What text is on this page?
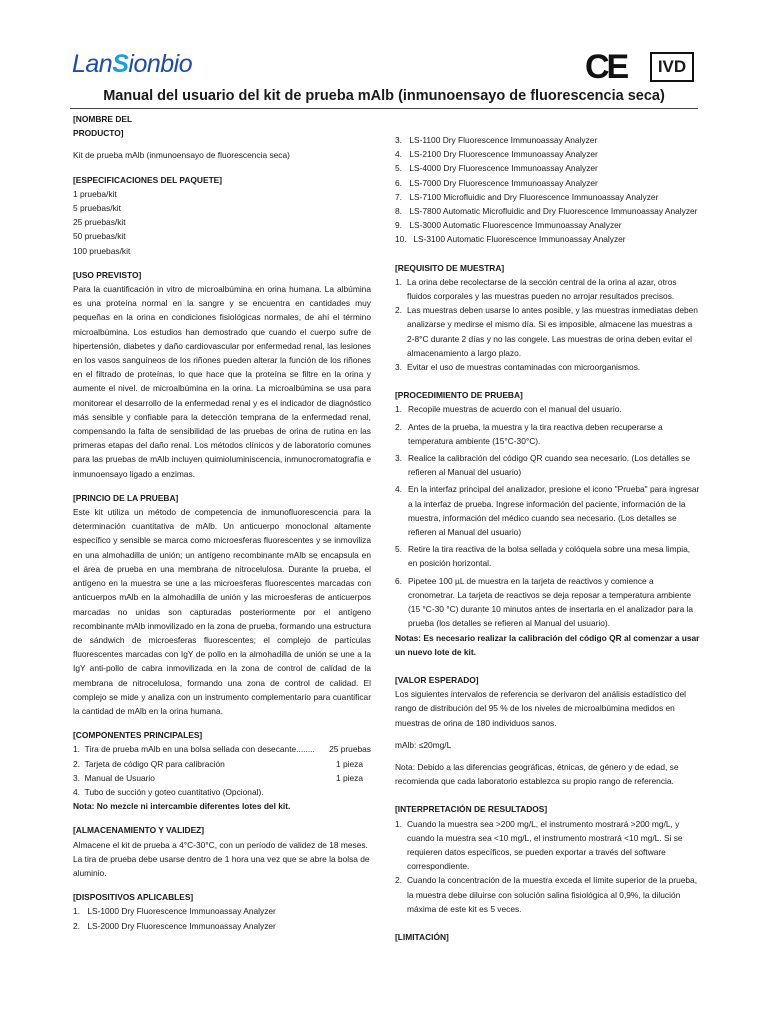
LanSionbio	CE	IVD
Manual del usuario del kit de prueba mAlb (inmunoensayo de fluorescencia seca)
[NOMBRE DEL PRODUCTO]
Kit de prueba mAlb (inmunoensayo de fluorescencia seca)
[ESPECIFICACIONES DEL PAQUETE]
1 prueba/kit
5 pruebas/kit
25 pruebas/kit
50 pruebas/kit
100 pruebas/kit
[USO PREVISTO]
Para la cuantificación in vitro de microalbúmina en orina humana. La albúmina es una proteína normal en la sangre y se encuentra en cantidades muy pequeñas en la orina en condiciones fisiológicas normales, de ahí el término microalbúmina. Los estudios han demostrado que cuando el cuerpo sufre de hipertensión, diabetes y daño cardiovascular por enfermedad renal, las lesiones en los vasos sanguíneos de los riñones pueden alterar la función de los riñones en el filtrado de proteínas, lo que hace que la proteína se filtre en la orina y aumente el nivel. de microalbúmina en la orina. La microalbúmina se usa para monitorear el desarrollo de la enfermedad renal y es el indicador de diagnóstico más sensible y confiable para la detección temprana de la enfermedad renal, compensando la falta de sensibilidad de las pruebas de orina de rutina en las primeras etapas del daño renal. Los métodos clínicos y de laboratorio comunes para las pruebas de mAlb incluyen quimioluminiscencia, inmunocromatografía e inmunoensayo ligado a enzimas.
[PRINCIO DE LA PRUEBA]
Este kit utiliza un método de competencia de inmunofluorescencia para la determinación cuantitativa de mAlb. Un anticuerpo monoclonal altamente específico y sensible se marca como microesferas fluorescentes y se inmoviliza en una almohadilla de unión; un antígeno recombinante mAlb se encapsula en el área de prueba en una membrana de nitrocelulosa. Durante la prueba, el antígeno en la muestra se une a las microesferas fluorescentes marcadas con anticuerpos mAlb en la almohadilla de unión y las microesferas de anticuerpos marcadas no unidas son capturadas posteriormente por el antígeno recombinante mAlb inmovilizado en la zona de prueba, formando una estructura de sándwich de microesferas fluorescentes; el complejo de partículas fluorescentes marcadas con IgY de pollo en la almohadilla de unión se une a la IgY anti-pollo de cabra inmovilizada en la zona de control de calidad de la membrana de nitrocelulosa, formando una zona de control de calidad. El complejo se mide y analiza con un instrumento complementario para cuantificar la cantidad de mAlb en la orina humana.
[COMPONENTES PRINCIPALES]
1. Tira de prueba mAlb en una bolsa sellada con desecante........ 25 pruebas
2. Tarjeta de código QR para calibración	1 pieza
3. Manual de Usuario	1 pieza
4. Tubo de succión y goteo cuantitativo (Opcional).
Nota: No mezcle ni intercambie diferentes lotes del kit.
[ALMACENAMIENTO Y VALIDEZ]
Almacene el kit de prueba a 4°C-30°C, con un período de validez de 18 meses. La tira de prueba debe usarse dentro de 1 hora una vez que se abre la bolsa de aluminio.
[DISPOSITIVOS APLICABLES]
1. LS-1000 Dry Fluorescence Immunoassay Analyzer
2. LS-2000 Dry Fluorescence Immunoassay Analyzer
3. LS-1100 Dry Fluorescence Immunoassay Analyzer
4. LS-2100 Dry Fluorescence Immunoassay Analyzer
5. LS-4000 Dry Fluorescence Immunoassay Analyzer
6. LS-7000 Dry Fluorescence Immunoassay Analyzer
7. LS-7100 Microfluidic and Dry Fluorescence Immunoassay Analyzer
8. LS-7800 Automatic Microfluidic and Dry Fluorescence Immunoassay Analyzer
9. LS-3000 Automatic Fluorescence Immunoassay Analyzer
10. LS-3100 Automatic Fluorescence Immunoassay Analyzer
[REQUISITO DE MUESTRA]
1. La orina debe recolectarse de la sección central de la orina al azar, otros fluidos corporales y las muestras pueden no arrojar resultados precisos.
2. Las muestras deben usarse lo antes posible, y las muestras inmediatas deben analizarse y medirse el mismo día. Si es imposible, almacene las muestras a 2-8°C durante 2 días y no las congele. Las muestras de orina deben evitar el almacenamiento a largo plazo.
3. Evitar el uso de muestras contaminadas con microorganismos.
[PROCEDIMIENTO DE PRUEBA]
1. Recopile muestras de acuerdo con el manual del usuario.
2. Antes de la prueba, la muestra y la tira reactiva deben recuperarse a temperatura ambiente (15°C-30°C).
3. Realice la calibración del código QR cuando sea necesario. (Los detalles se refieren al Manual del usuario)
4. En la interfaz principal del analizador, presione el icono "Prueba" para ingresar a la interfaz de prueba. Ingrese información del paciente, información de la muestra, información del médico cuando sea necesario. (Los detalles se refieren al Manual del usuario)
5. Retire la tira reactiva de la bolsa sellada y colóquela sobre una mesa limpia, en posición horizontal.
6. Pipetee 100 µL de muestra en la tarjeta de reactivos y comience a cronometrar. La tarjeta de reactivos se deja reposar a temperatura ambiente (15 °C-30 °C) durante 10 minutos antes de insertarla en el analizador para la prueba (los detalles se refieren al Manual del usuario).
Notas: Es necesario realizar la calibración del código QR al comenzar a usar un nuevo lote de kit.
[VALOR ESPERADO]
Los siguientes intervalos de referencia se derivaron del análisis estadístico del rango de distribución del 95 % de los niveles de microalbúmina medidos en muestras de orina de 180 individuos sanos.
mAlb: ≤20mg/L
Nota: Debido a las diferencias geográficas, étnicas, de género y de edad, se recomienda que cada laboratorio establezca su propio rango de referencia.
[INTERPRETACIÓN DE RESULTADOS]
1. Cuando la muestra sea >200 mg/L, el instrumento mostrará >200 mg/L, y cuando la muestra sea <10 mg/L, el instrumento mostrará <10 mg/L. Si se requieren datos específicos, se pueden exportar a través del software correspondiente.
2. Cuando la concentración de la muestra exceda el límite superior de la prueba, la muestra debe diluirse con solución salina fisiológica al 0,9%, la dilución máxima de este kit es 5 veces.
[LIMITACIÓN]
